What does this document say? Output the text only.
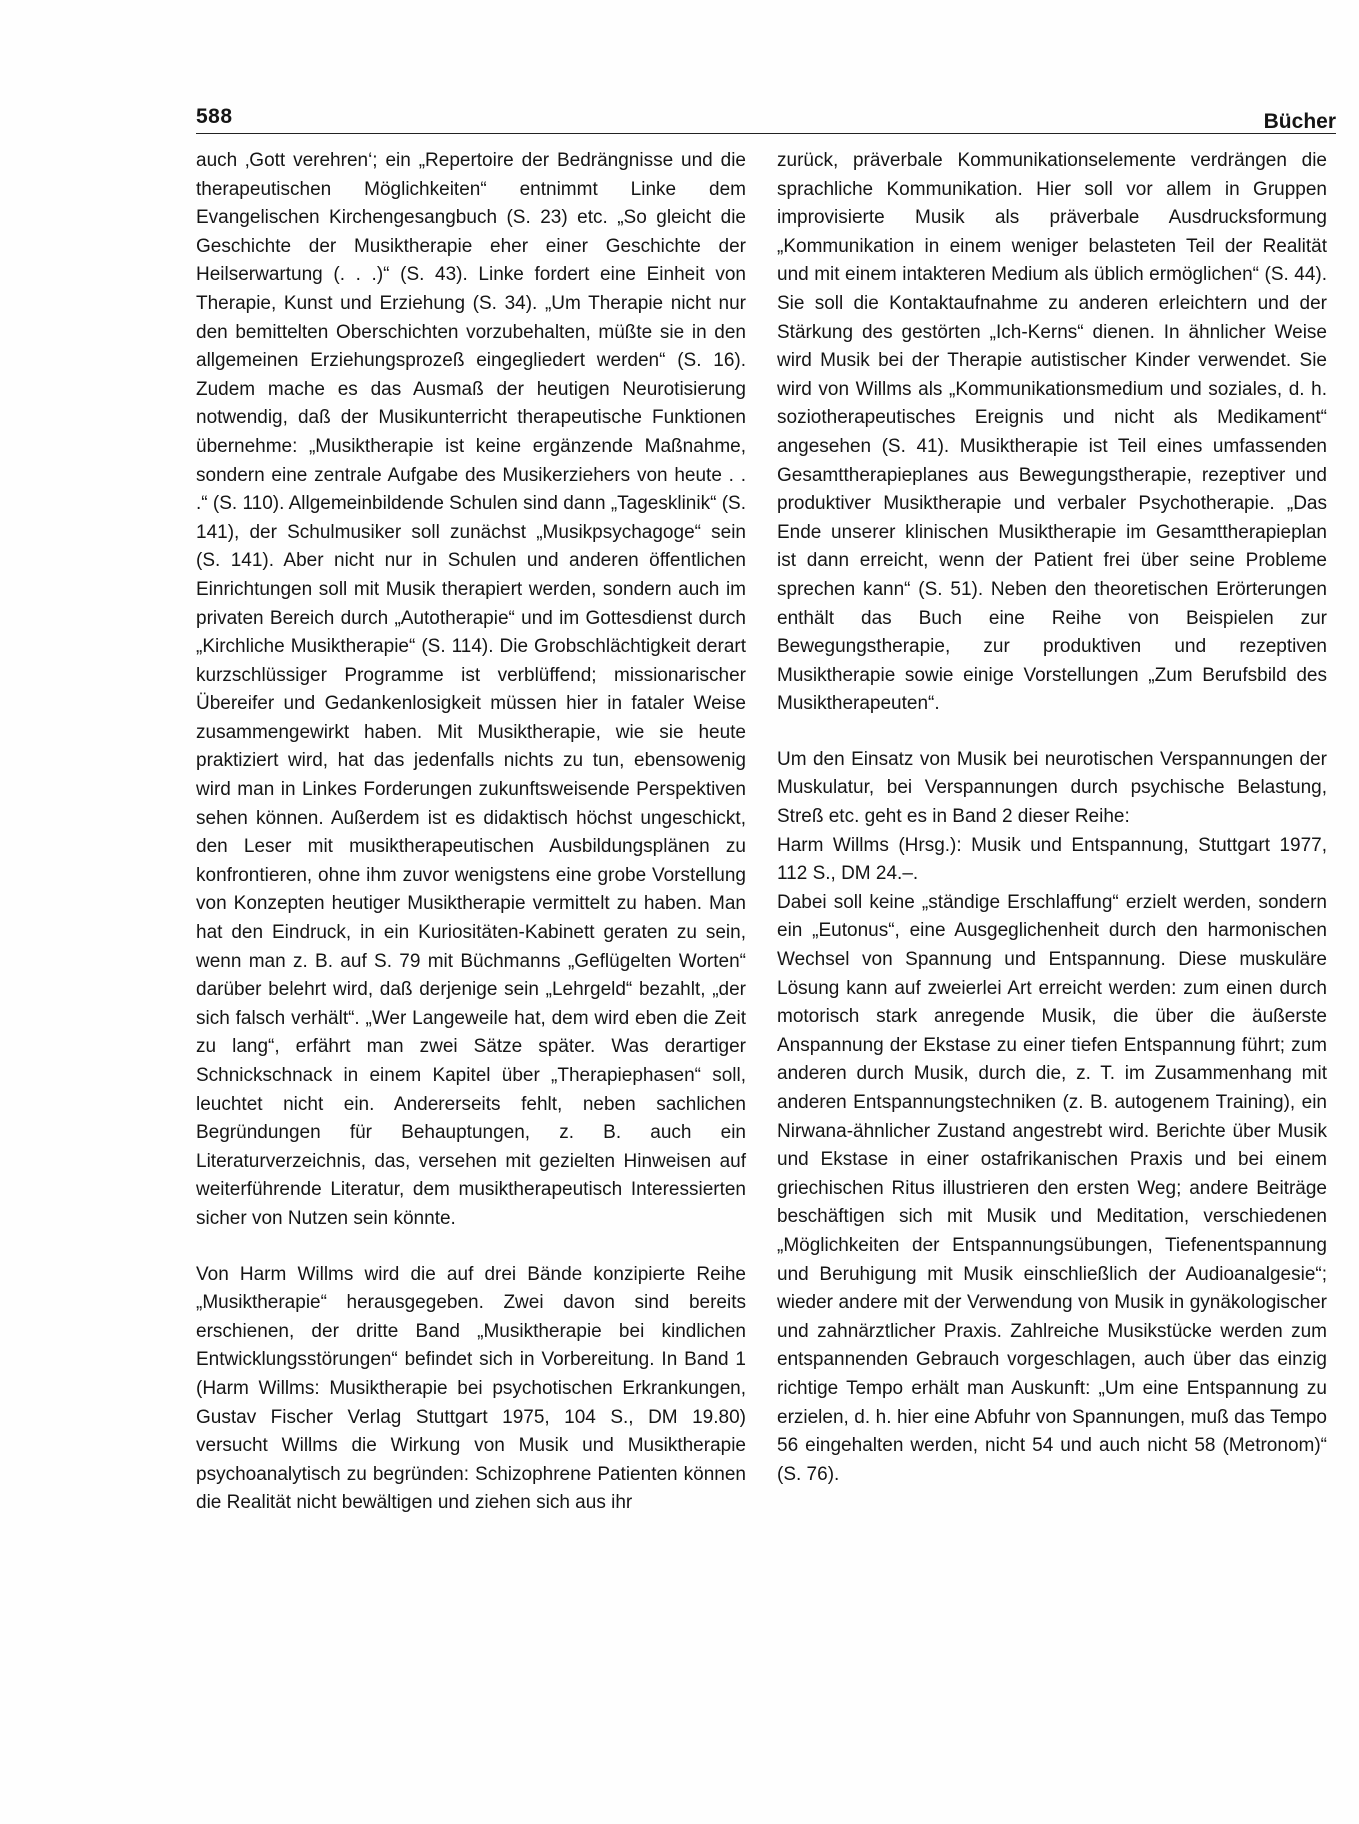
588	Bücher

auch ‚Gott verehren‘; ein „Repertoire der Bedrängnisse und die therapeutischen Möglichkeiten“ entnimmt Linke dem Evangelischen Kirchengesangbuch (S. 23) etc. „So gleicht die Geschichte der Musiktherapie eher einer Geschichte der Heilserwartung (. . .)“ (S. 43). Linke fordert eine Einheit von Therapie, Kunst und Erziehung (S. 34). „Um Therapie nicht nur den bemittelten Oberschichten vorzubehalten, müßte sie in den allgemeinen Erziehungsprozeß eingegliedert werden“ (S. 16). Zudem mache es das Ausmaß der heutigen Neurotisierung notwendig, daß der Musikunterricht therapeutische Funktionen übernehme: „Musiktherapie ist keine ergänzende Maßnahme, sondern eine zentrale Aufgabe des Musikerziehers von heute . . .“ (S. 110). Allgemeinbildende Schulen sind dann „Tagesklinik“ (S. 141), der Schulmusiker soll zunächst „Musikpsychagoge“ sein (S. 141). Aber nicht nur in Schulen und anderen öffentlichen Einrichtungen soll mit Musik therapiert werden, sondern auch im privaten Bereich durch „Autotherapie“ und im Gottesdienst durch „Kirchliche Musiktherapie“ (S. 114). Die Grobschlächtigkeit derart kurzschlüssiger Programme ist verblüffend; missionarischer Übereifer und Gedankenlosigkeit müssen hier in fataler Weise zusammengewirkt haben. Mit Musiktherapie, wie sie heute praktiziert wird, hat das jedenfalls nichts zu tun, ebensowenig wird man in Linkes Forderungen zukunftsweisende Perspektiven sehen können. Außerdem ist es didaktisch höchst ungeschickt, den Leser mit musiktherapeutischen Ausbildungsplänen zu konfrontieren, ohne ihm zuvor wenigstens eine grobe Vorstellung von Konzepten heutiger Musiktherapie vermittelt zu haben. Man hat den Eindruck, in ein Kuriositäten-Kabinett geraten zu sein, wenn man z. B. auf S. 79 mit Büchmanns „Geflügelten Worten“ darüber belehrt wird, daß derjenige sein „Lehrgeld“ bezahlt, „der sich falsch verhält“. „Wer Langeweile hat, dem wird eben die Zeit zu lang“, erfährt man zwei Sätze später. Was derartiger Schnickschnack in einem Kapitel über „Therapiephasen“ soll, leuchtet nicht ein. Andererseits fehlt, neben sachlichen Begründungen für Behauptungen, z. B. auch ein Literaturverzeichnis, das, versehen mit gezielten Hinweisen auf weiterführende Literatur, dem musiktherapeutisch Interessierten sicher von Nutzen sein könnte.

Von Harm Willms wird die auf drei Bände konzipierte Reihe „Musiktherapie“ herausgegeben. Zwei davon sind bereits erschienen, der dritte Band „Musiktherapie bei kindlichen Entwicklungsstörungen“ befindet sich in Vorbereitung. In Band 1 (Harm Willms: Musiktherapie bei psychotischen Erkrankungen, Gustav Fischer Verlag Stuttgart 1975, 104 S., DM 19.80) versucht Willms die Wirkung von Musik und Musiktherapie psychoanalytisch zu begründen: Schizophrene Patienten können die Realität nicht bewältigen und ziehen sich aus ihr

zurück, präverbale Kommunikationselemente verdrängen die sprachliche Kommunikation. Hier soll vor allem in Gruppen improvisierte Musik als präverbale Ausdrucksformung „Kommunikation in einem weniger belasteten Teil der Realität und mit einem intakteren Medium als üblich ermöglichen“ (S. 44). Sie soll die Kontaktaufnahme zu anderen erleichtern und der Stärkung des gestörten „Ich-Kerns“ dienen. In ähnlicher Weise wird Musik bei der Therapie autistischer Kinder verwendet. Sie wird von Willms als „Kommunikationsmedium und soziales, d. h. soziotherapeutisches Ereignis und nicht als Medikament“ angesehen (S. 41). Musiktherapie ist Teil eines umfassenden Gesamttherapieplanes aus Bewegungstherapie, rezeptiver und produktiver Musiktherapie und verbaler Psychotherapie. „Das Ende unserer klinischen Musiktherapie im Gesamttherapieplan ist dann erreicht, wenn der Patient frei über seine Probleme sprechen kann“ (S. 51). Neben den theoretischen Erörterungen enthält das Buch eine Reihe von Beispielen zur Bewegungstherapie, zur produktiven und rezeptiven Musiktherapie sowie einige Vorstellungen „Zum Berufsbild des Musiktherapeuten“.

Um den Einsatz von Musik bei neurotischen Verspannungen der Muskulatur, bei Verspannungen durch psychische Belastung, Streß etc. geht es in Band 2 dieser Reihe:

Harm Willms (Hrsg.): Musik und Entspannung, Stuttgart 1977, 112 S., DM 24.–.

Dabei soll keine „ständige Erschlaffung“ erzielt werden, sondern ein „Eutonus“, eine Ausgeglichenheit durch den harmonischen Wechsel von Spannung und Entspannung. Diese muskuläre Lösung kann auf zweierlei Art erreicht werden: zum einen durch motorisch stark anregende Musik, die über die äußerste Anspannung der Ekstase zu einer tiefen Entspannung führt; zum anderen durch Musik, durch die, z. T. im Zusammenhang mit anderen Entspannungstechniken (z. B. autogenem Training), ein Nirwana-ähnlicher Zustand angestrebt wird. Berichte über Musik und Ekstase in einer ostafrikanischen Praxis und bei einem griechischen Ritus illustrieren den ersten Weg; andere Beiträge beschäftigen sich mit Musik und Meditation, verschiedenen „Möglichkeiten der Entspannungsübungen, Tiefenentspannung und Beruhigung mit Musik einschließlich der Audioanalgesie“; wieder andere mit der Verwendung von Musik in gynäkologischer und zahnärztlicher Praxis. Zahlreiche Musikstücke werden zum entspannenden Gebrauch vorgeschlagen, auch über das einzig richtige Tempo erhält man Auskunft: „Um eine Entspannung zu erzielen, d. h. hier eine Abfuhr von Spannungen, muß das Tempo 56 eingehalten werden, nicht 54 und auch nicht 58 (Metronom)“ (S. 76).
